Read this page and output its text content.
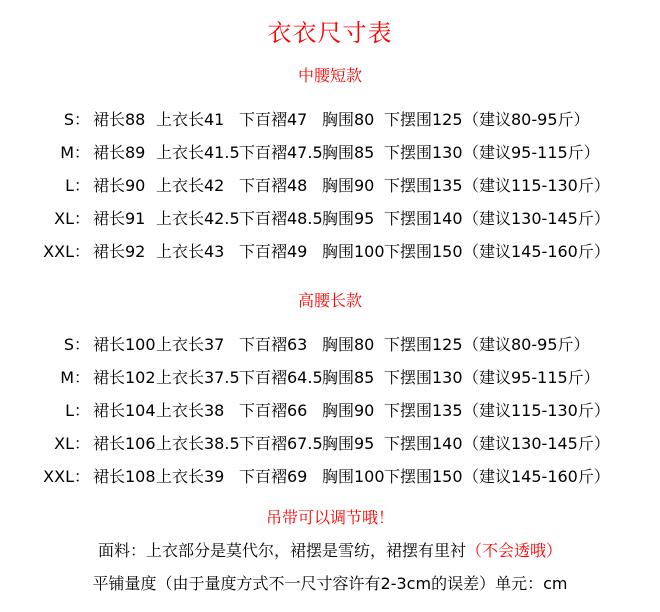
衣衣尺寸表
中腰短款
S： 裙长88 上衣长41 下百褶47 胸围80 下摆围125 （建议80-95斤）
M： 裙长89 上衣长41.5 下百褶47.5 胸围85 下摆围130 （建议95-115斤）
L： 裙长90 上衣长42 下百褶48 胸围90 下摆围135 （建议115-130斤）
XL： 裙长91 上衣长42.5 下百褶48.5 胸围95 下摆围140 （建议130-145斤）
XXL： 裙长92 上衣长43 下百褶49 胸围100 下摆围150 （建议145-160斤）
高腰长款
S： 裙长100 上衣长37 下百褶63 胸围80 下摆围125 （建议80-95斤）
M： 裙长102 上衣长37.5 下百褶64.5 胸围85 下摆围130 （建议95-115斤）
L： 裙长104 上衣长38 下百褶66 胸围90 下摆围135 （建议115-130斤）
XL： 裙长106 上衣长38.5 下百褶67.5 胸围95 下摆围140 （建议130-145斤）
XXL： 裙长108 上衣长39 下百褶69 胸围100 下摆围150 （建议145-160斤）
吊带可以调节哦！
面料：上衣部分是莫代尔，裙摆是雪纺，裙摆有里衬（不会透哦）
平铺量度（由于量度方式不一尺寸容许有2-3cm的误差）单元：cm
